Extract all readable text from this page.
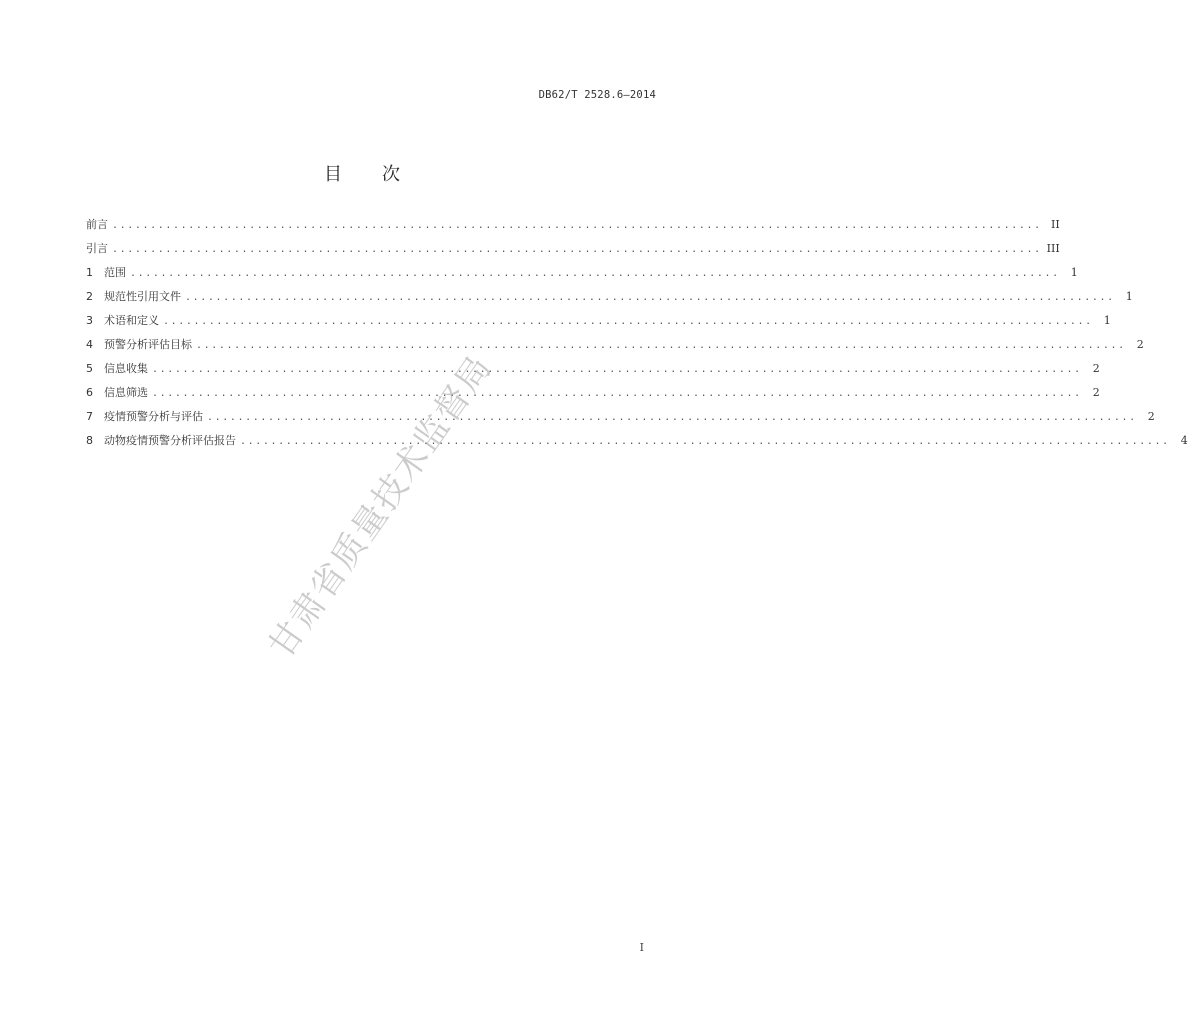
DB62/T 2528.6—2014
目 次
前言 .......................................................................................................................... II
引言 .......................................................................................................................... III
1	范围 ..........................................................................................................................	1
2	规范性引用文件 ..........................................................................................................................	1
3	术语和定义 ..........................................................................................................................	1
4	预警分析评估目标 ..........................................................................................................................	2
5	信息收集 ..........................................................................................................................	2
6	信息筛选 ..........................................................................................................................	2
7	疫情预警分析与评估 ..........................................................................................................................	2
8	动物疫情预警分析评估报告 ..........................................................................................................................	4
甘肃省质量技术监督局
I
